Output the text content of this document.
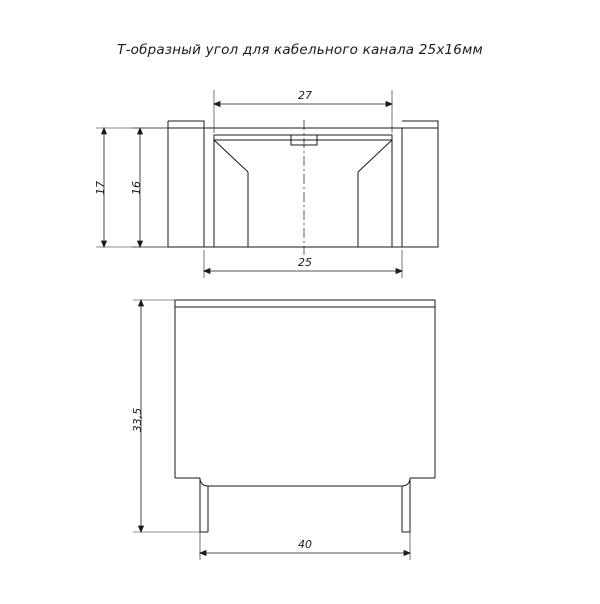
Т-образный угол для кабельного канала 25х16мм
27
25
17 16
33,5
40
